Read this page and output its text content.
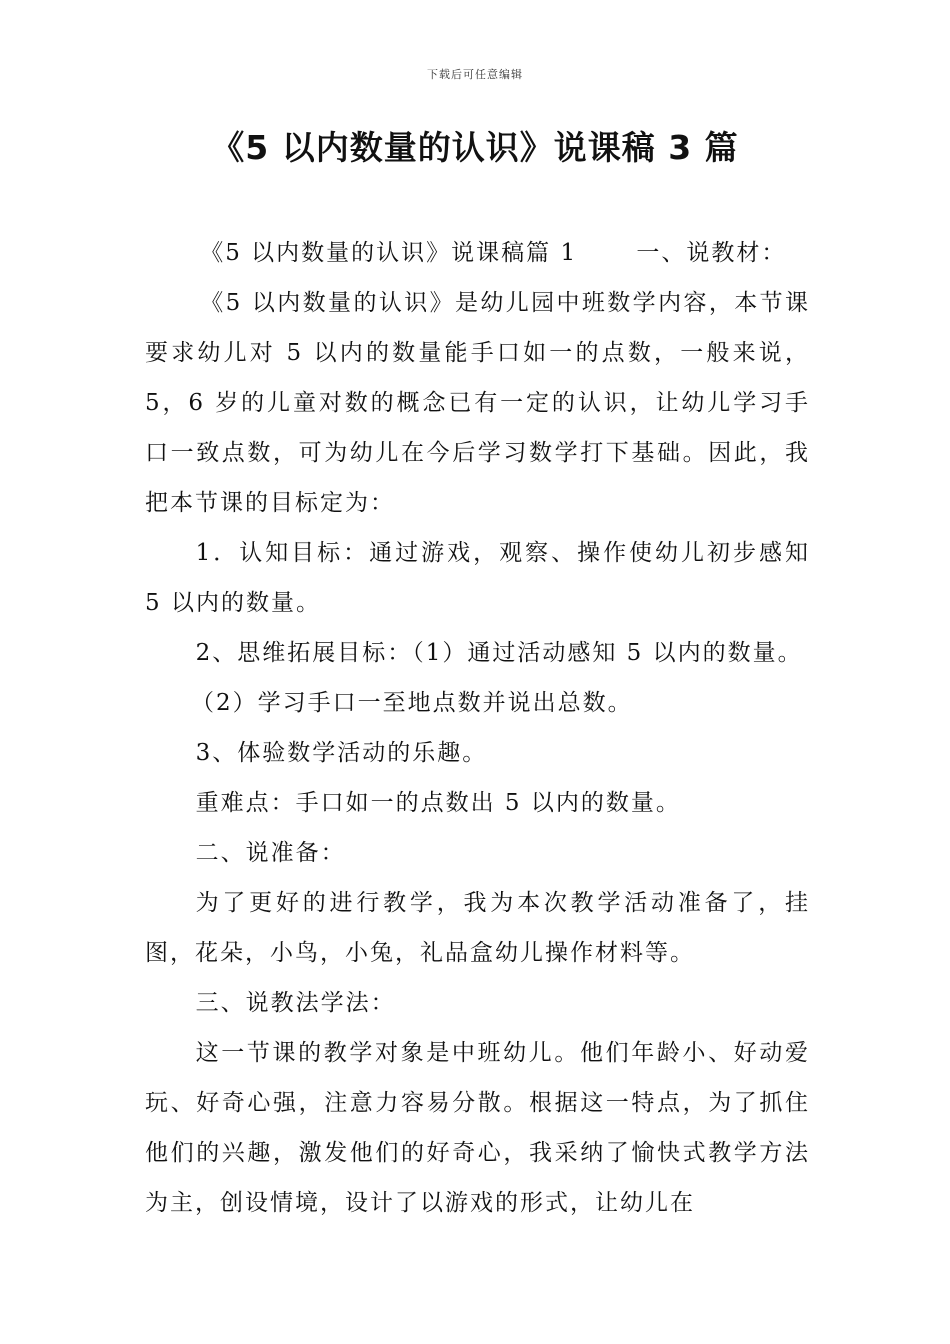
下载后可任意编辑
《5 以内数量的认识》说课稿 3 篇

《5 以内数量的认识》说课稿篇 1　　 一、说教材：

《5 以内数量的认识》是幼儿园中班数学内容，本节课要求幼儿对 5 以内的数量能手口如一的点数，一般来说，5，6 岁的儿童对数的概念已有一定的认识，让幼儿学习手口一致点数，可为幼儿在今后学习数学打下基础。因此，我把本节课的目标定为：

1．认知目标：通过游戏，观察、操作使幼儿初步感知 5 以内的数量。

2、思维拓展目标：（1）通过活动感知 5 以内的数量。

（2）学习手口一至地点数并说出总数。

3、体验数学活动的乐趣。

重难点：手口如一的点数出 5 以内的数量。

二、说准备：

为了更好的进行教学，我为本次教学活动准备了，挂图，花朵，小鸟，小兔，礼品盒幼儿操作材料等。

三、说教法学法：

这一节课的教学对象是中班幼儿。他们年龄小、好动爱玩、好奇心强，注意力容易分散。根据这一特点，为了抓住他们的兴趣，激发他们的好奇心，我采纳了愉快式教学方法为主，创设情境，设计了以游戏的形式，让幼儿在
